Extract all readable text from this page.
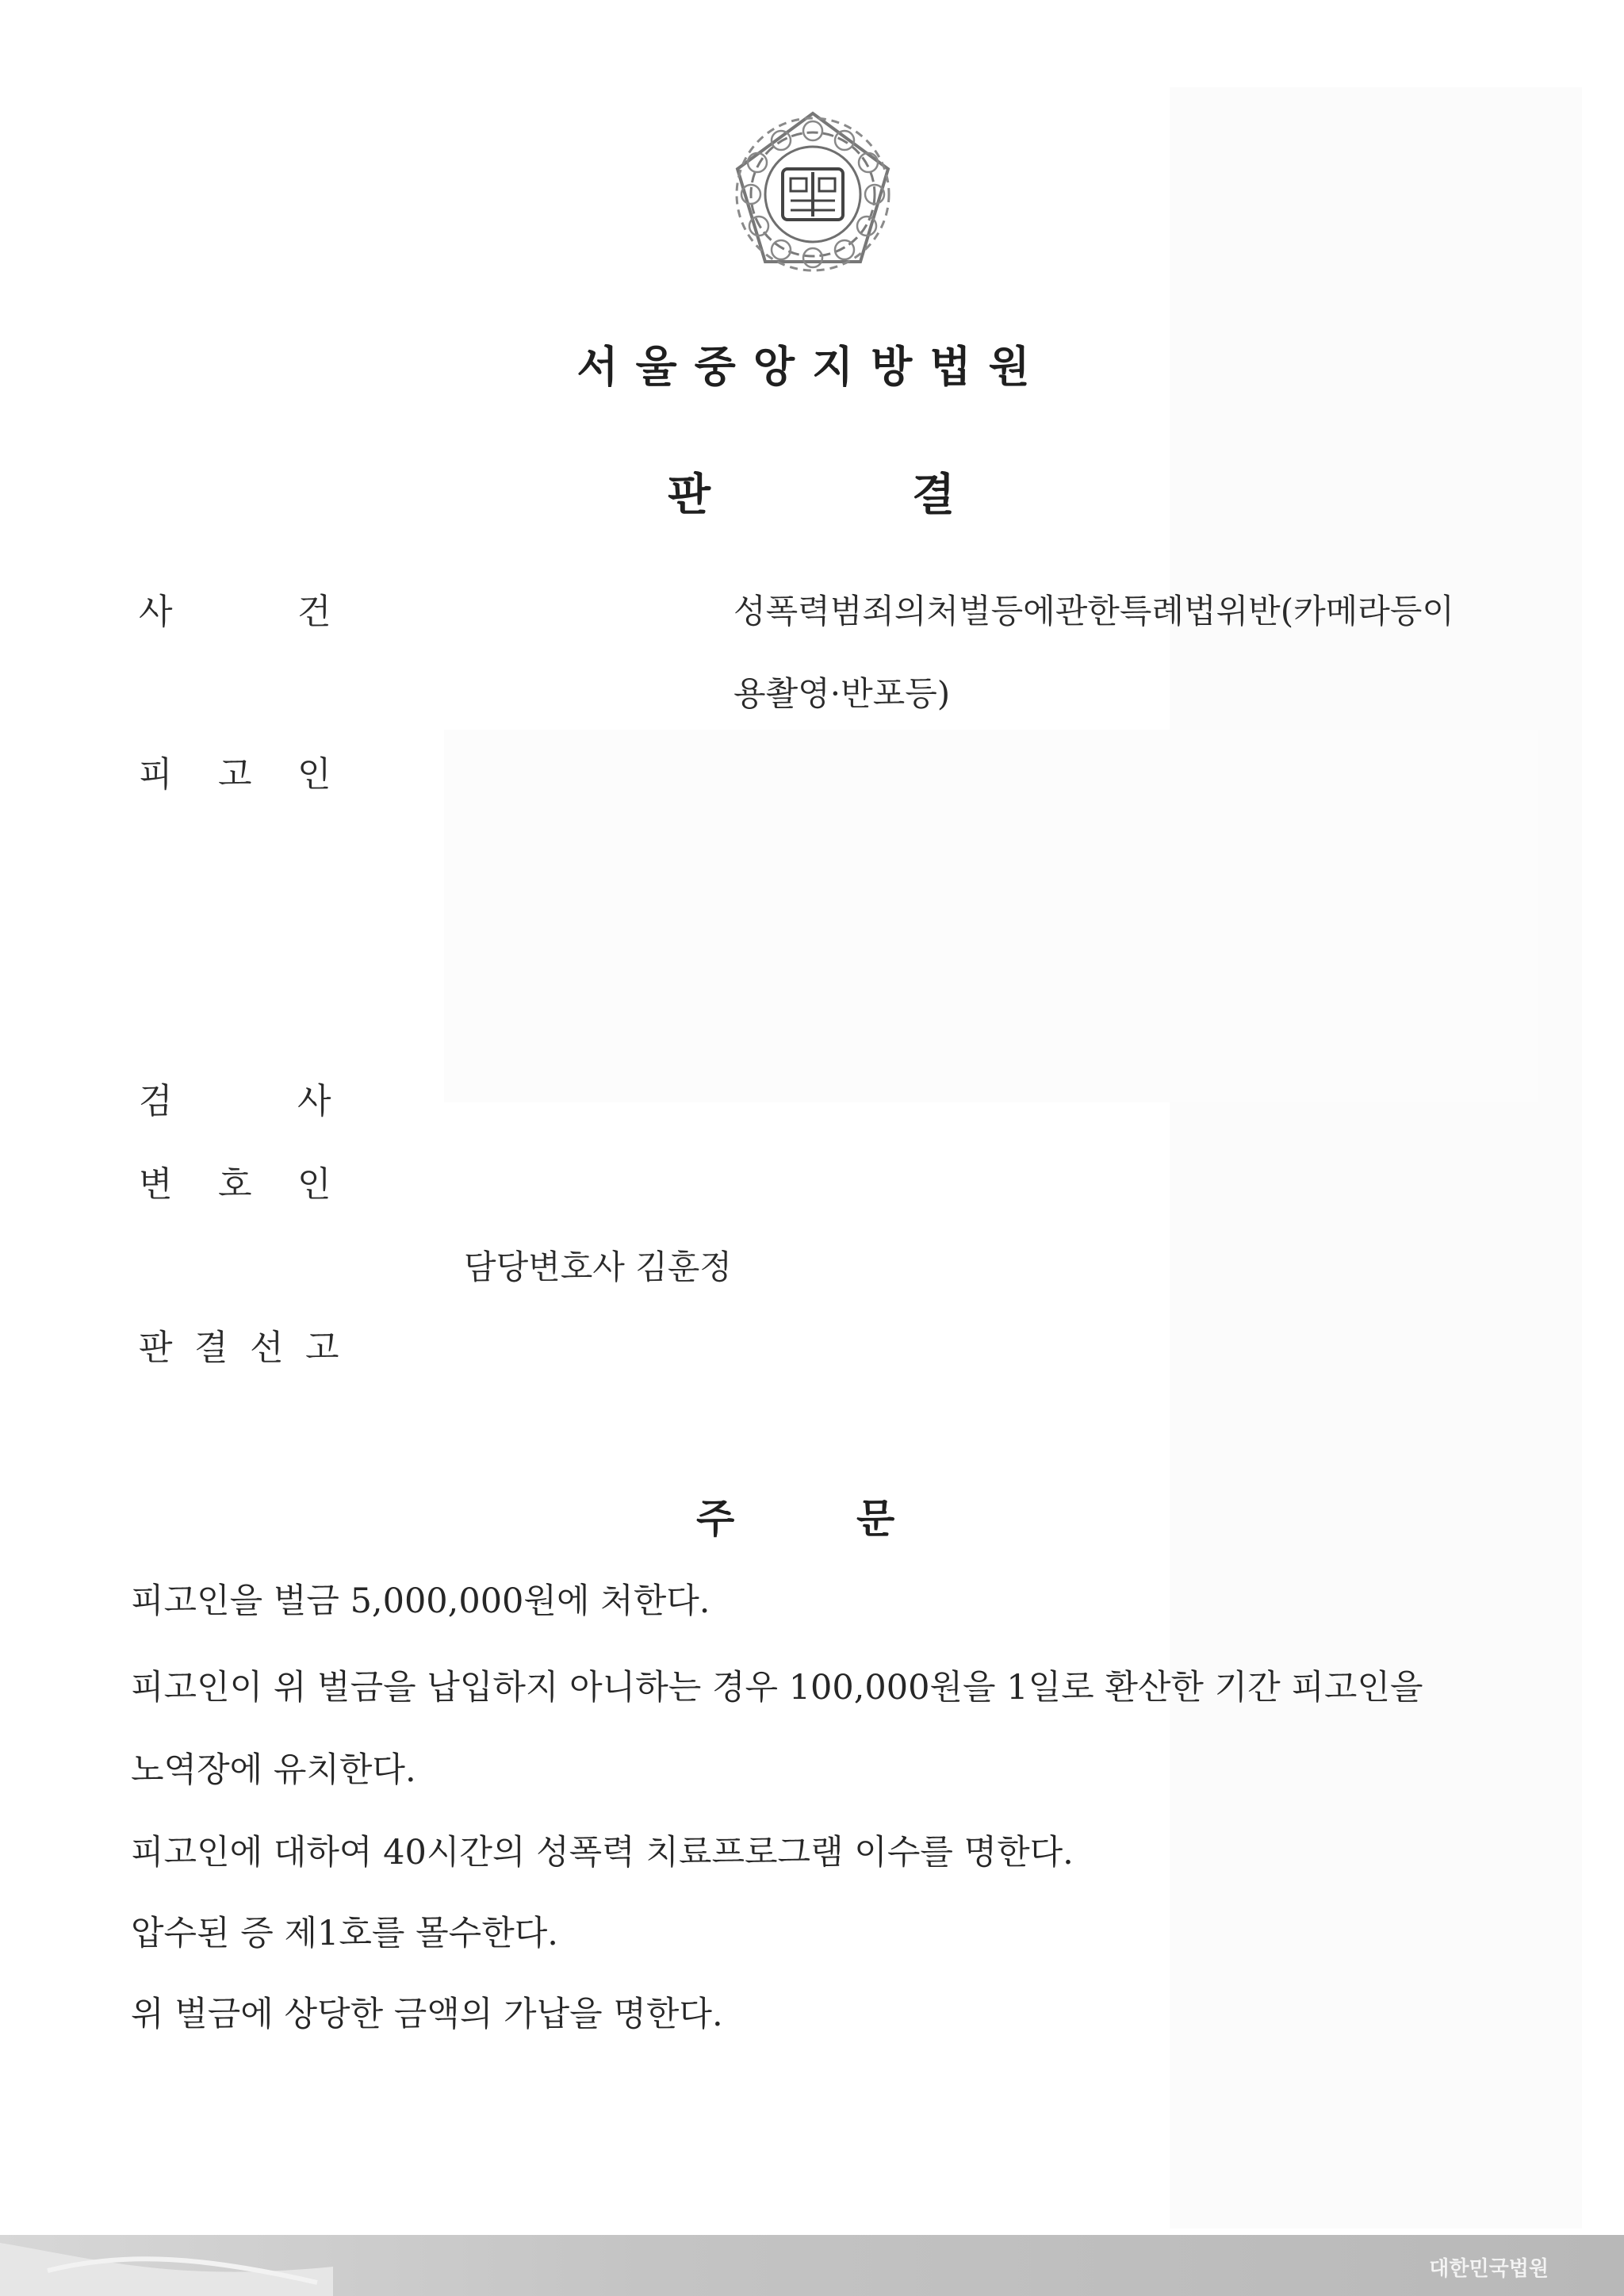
서울중앙지방법원
판	결
사	건	성폭력범죄의처벌등에관한특례법위반(카메라등이
용촬영·반포등)
피 고 인
검	사
변 호 인
담당변호사 김훈정
판 결 선 고
주	문
피고인을 벌금 5,000,000원에 처한다.
피고인이 위 벌금을 납입하지 아니하는 경우 100,000원을 1일로 환산한 기간 피고인을
노역장에 유치한다.
피고인에 대하여 40시간의 성폭력 치료프로그램 이수를 명한다.
압수된 증 제1호를 몰수한다.
위 벌금에 상당한 금액의 가납을 명한다.
대한민국법원
